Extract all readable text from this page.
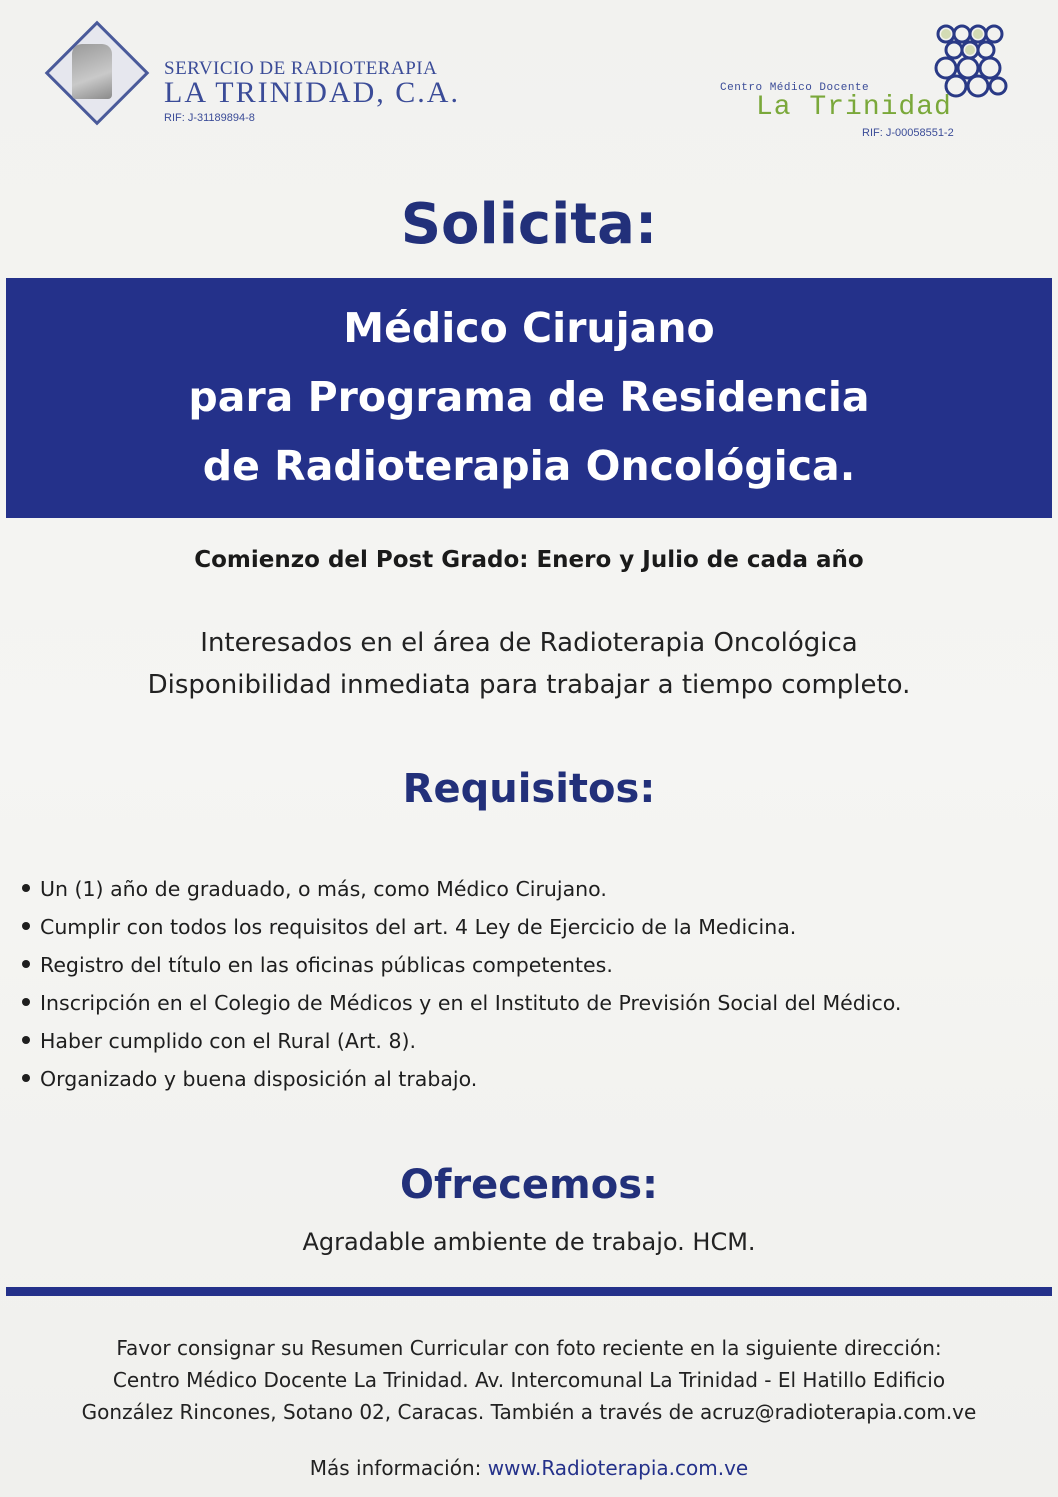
SERVICIO DE RADIOTERAPIA
LA TRINIDAD, C.A.
RIF: J-31189894-8
Centro Médico Docente
La Trinidad
RIF: J-00058551-2
Solicita:
Médico Cirujano
para Programa de Residencia
de Radioterapia Oncológica.
Comienzo del Post Grado: Enero y Julio de cada año
Interesados en el área de Radioterapia Oncológica
Disponibilidad inmediata para trabajar a tiempo completo.
Requisitos:
Un (1) año de graduado, o más, como Médico Cirujano.
Cumplir con todos los requisitos del art. 4 Ley de Ejercicio de la Medicina.
Registro del título en las oficinas públicas competentes.
Inscripción en el Colegio de Médicos y en el Instituto de Previsión Social del Médico.
Haber cumplido con el Rural (Art. 8).
Organizado y buena disposición al trabajo.
Ofrecemos:
Agradable ambiente de trabajo. HCM.
Favor consignar su Resumen Curricular con foto reciente en la siguiente dirección:
Centro Médico Docente La Trinidad. Av. Intercomunal La Trinidad - El Hatillo Edificio
González Rincones, Sotano 02, Caracas. También a través de acruz@radioterapia.com.ve
Más información: www.Radioterapia.com.ve
